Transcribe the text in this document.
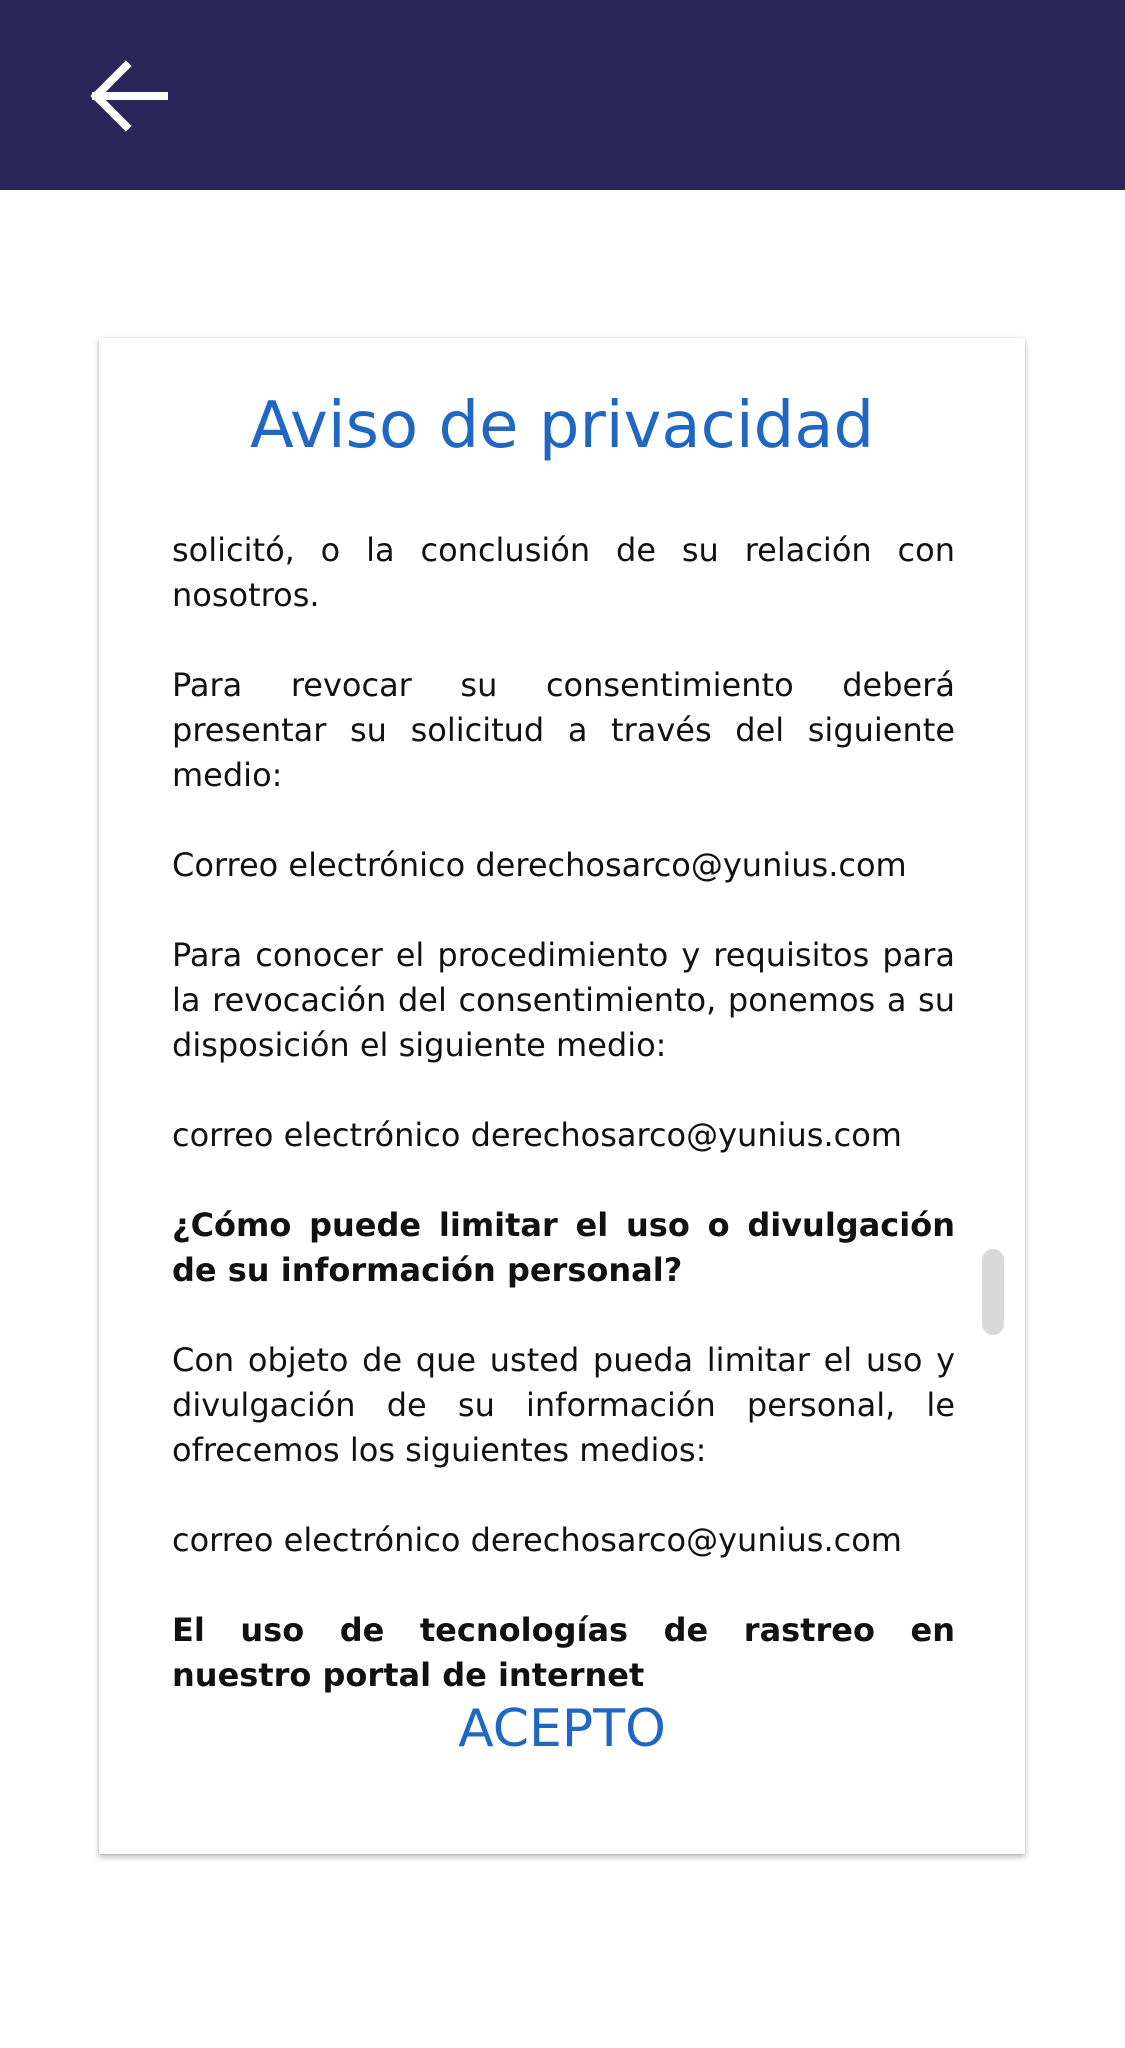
Aviso de privacidad

solicitó, o la conclusión de su relación con nosotros.

Para revocar su consentimiento deberá presentar su solicitud a través del siguiente medio:

Correo electrónico derechosarco@yunius.com

Para conocer el procedimiento y requisitos para la revocación del consentimiento, ponemos a su disposición el siguiente medio:

correo electrónico derechosarco@yunius.com

¿Cómo puede limitar el uso o divulgación de su información personal?

Con objeto de que usted pueda limitar el uso y divulgación de su información personal, le ofrecemos los siguientes medios:

correo electrónico derechosarco@yunius.com

El uso de tecnologías de rastreo en nuestro portal de internet

ACEPTO
